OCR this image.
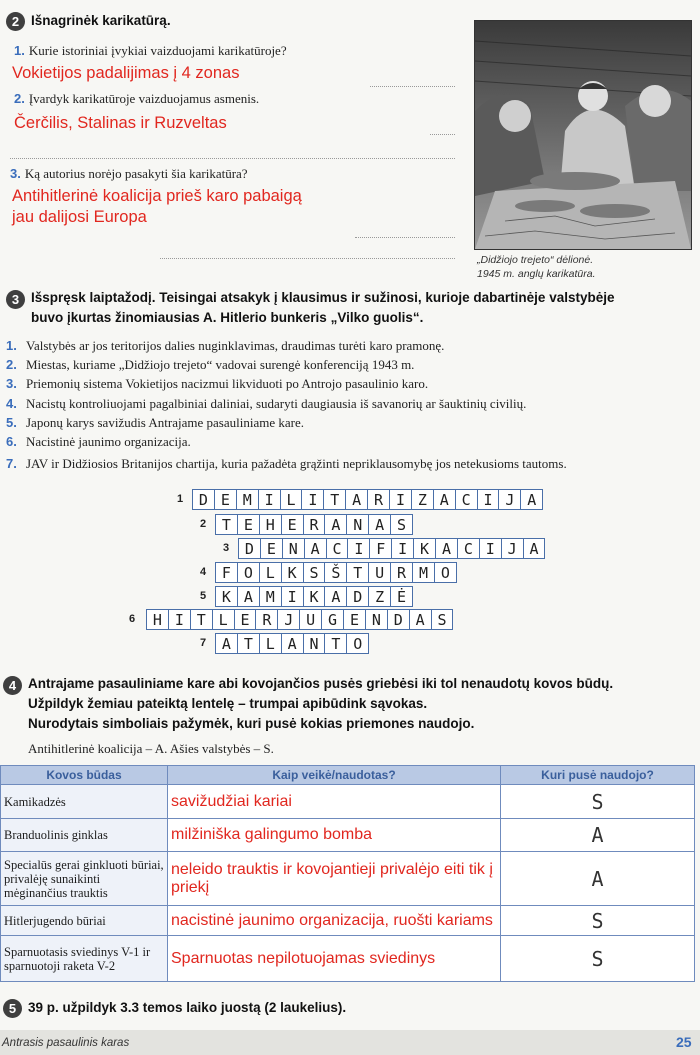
2 Išnagrinėk karikatūrą.
1. Kurie istoriniai įvykiai vaizduojami karikatūroje?
Vokietijos padalijimas į 4 zonas
2. Įvardyk karikatūroje vaizduojamus asmenis.
Čerčilis, Stalinas ir Ruzveltas
3. Ką autorius norėjo pasakyti šia karikatūra?
Antihitlerinė koalicija prieš karo pabaigą
jau dalijosi Europa
„Didžiojo trejeto“ dėlionė.
1945 m. anglų karikatūra.
3 Išspręsk laiptažodį. Teisingai atsakyk į klausimus ir sužinosi, kurioje dabartinėje valstybėje
buvo įkurtas žinomiausias A. Hitlerio bunkeris „Vilko guolis“.
1. Valstybės ar jos teritorijos dalies nuginklavimas, draudimas turėti karo pramonę.
2. Miestas, kuriame „Didžiojo trejeto“ vadovai surengė konferenciją 1943 m.
3. Priemonių sistema Vokietijos nacizmui likviduoti po Antrojo pasaulinio karo.
4. Nacistų kontroliuojami pagalbiniai daliniai, sudaryti daugiausia iš savanorių ar šauktinių civilių.
5. Japonų karys savižudis Antrajame pasauliniame kare.
6. Nacistinė jaunimo organizacija.
7. JAV ir Didžiosios Britanijos chartija, kuria pažadėta grąžinti nepriklausomybę jos netekusioms tautoms.
1	D E M I L I T A R I Z A C I J A
2	T E H E R A N A S
3	D E N A C I F I K A C I J A
4	F O L K S Š T U R M O
5	K A M I K A D Z Ė
6	H I T L E R J U G E N D A S
7	A T L A N T O
4 Antrajame pasauliniame kare abi kovojančios pusės griebėsi iki tol nenaudotų kovos būdų.
Užpildyk žemiau pateiktą lentelę – trumpai apibūdink sąvokas.
Nurodytais simboliais pažymėk, kuri pusė kokias priemones naudojo.
Antihitlerinė koalicija – A. Ašies valstybės – S.
Kovos būdas	Kaip veikė/naudotas?	Kuri pusė naudojo?
Kamikadzės	savižudžiai kariai	S
Branduolinis ginklas	milžiniška galingumo bomba	A
Specialūs gerai ginkluoti būriai, privalėję sunaikinti mėginančius trauktis	neleido trauktis ir kovojantieji privalėjo eiti tik į priekį	A
Hitlerjugendo būriai	nacistinė jaunimo organizacija, ruošti kariams	S
Sparnuotasis sviedinys V-1 ir sparnuotoji raketa V-2	Sparnuotas nepilotuojamas sviedinys	S
5 39 p. užpildyk 3.3 temos laiko juostą (2 laukelius).
Antrasis pasaulinis karas	25
